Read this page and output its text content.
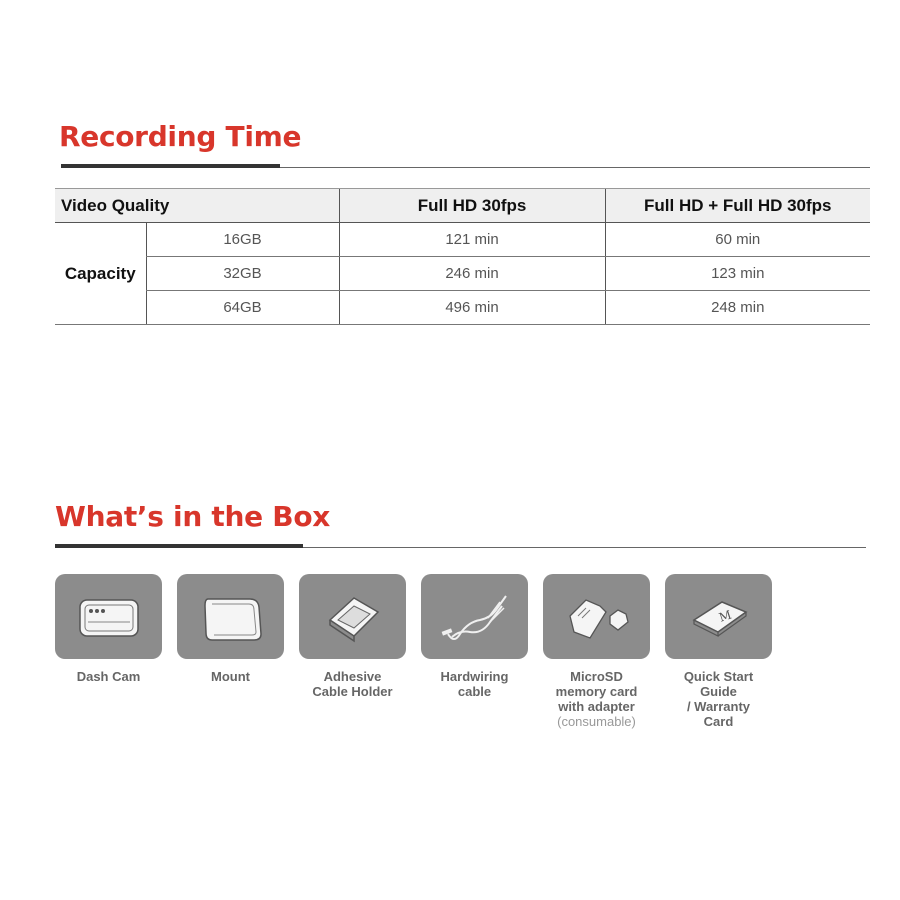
Recording Time
Video Quality		Full HD 30fps	Full HD + Full HD 30fps
Capacity	16GB	121 min	60 min
	32GB	246 min	123 min
	64GB	496 min	248 min
What’s in the Box
Dash Cam	Mount	Adhesive
Cable Holder
Hardwiring
cable
MicroSD
memory card
with adapter
(consumable)
M
Quick Start
Guide
/ Warranty
Card
